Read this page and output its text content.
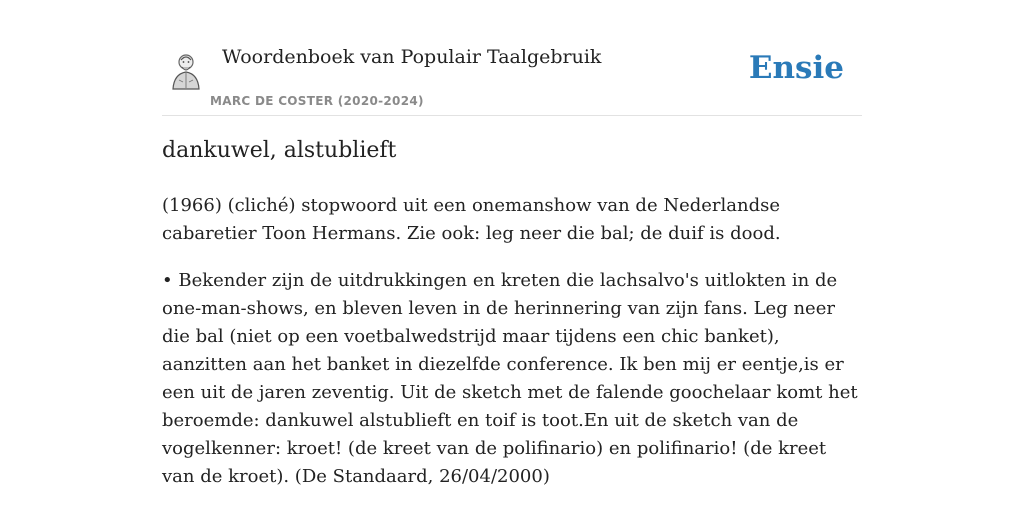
Woordenboek van Populair Taalgebruik
MARC DE COSTER (2020-2024)
Ensie
dankuwel, alstublieft

(1966) (cliché) stopwoord uit een onemanshow van de Nederlandse cabaretier Toon Hermans. Zie ook: leg neer die bal; de duif is dood.

• Bekender zijn de uitdrukkingen en kreten die lachsalvo's uitlokten in de one-man-shows, en bleven leven in de herinnering van zijn fans. Leg neer die bal (niet op een voetbalwedstrijd maar tijdens een chic banket), aanzitten aan het banket in diezelfde conference. Ik ben mij er eentje,is er een uit de jaren zeventig. Uit de sketch met de falende goochelaar komt het beroemde: dankuwel alstublieft en toif is toot.En uit de sketch van de vogelkenner: kroet! (de kreet van de polifinario) en polifinario! (de kreet van de kroet). (De Standaard, 26/04/2000)
